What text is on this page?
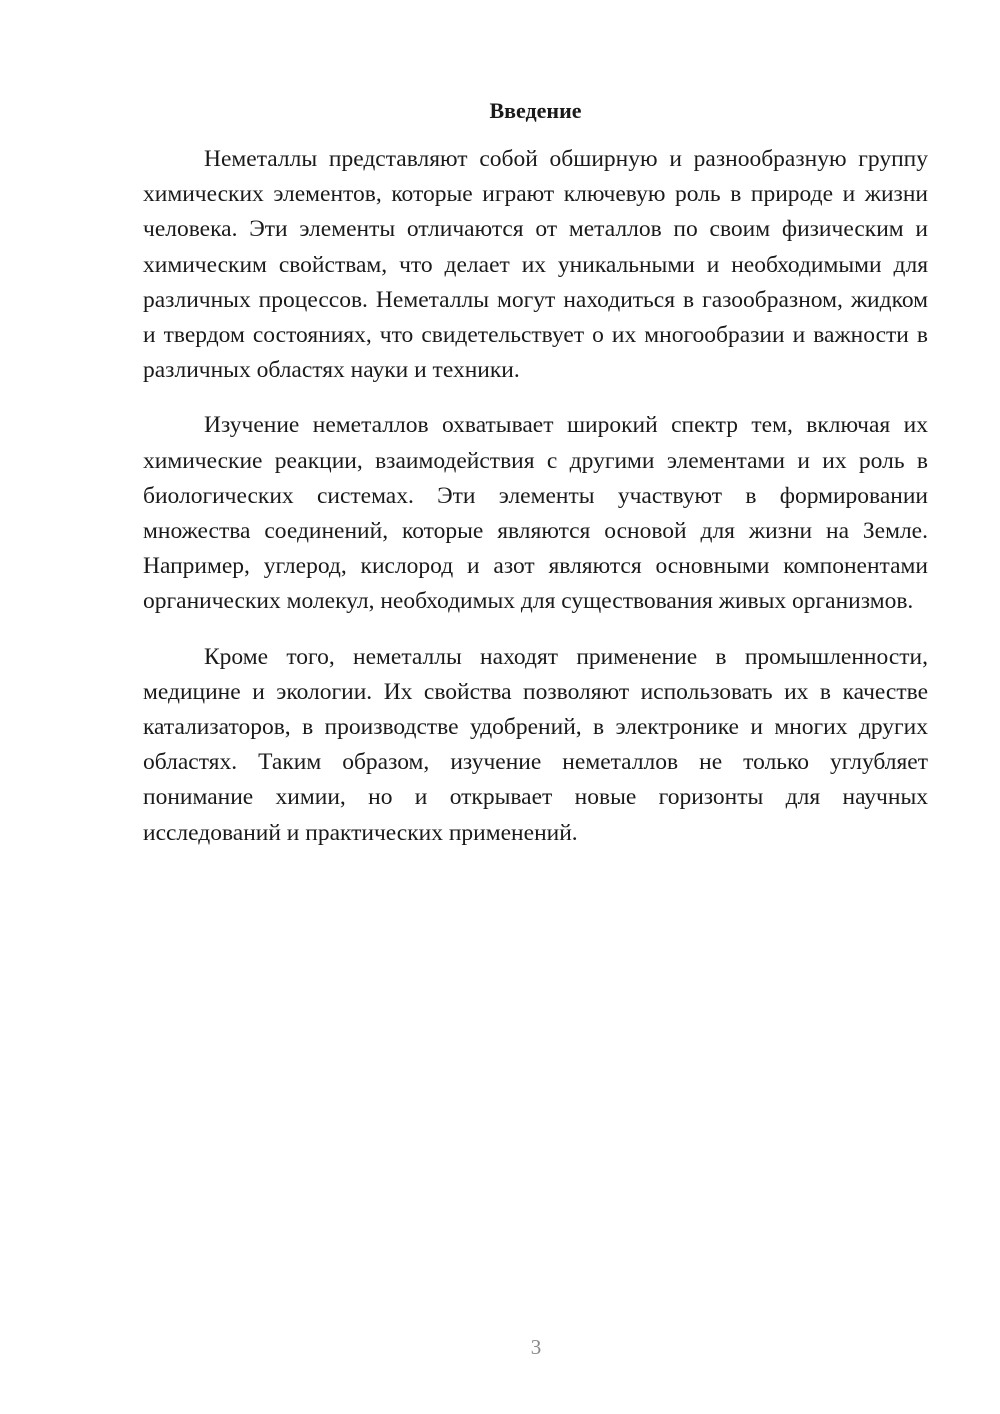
Введение

Неметаллы представляют собой обширную и разнообразную группу химических элементов, которые играют ключевую роль в природе и жизни человека. Эти элементы отличаются от металлов по своим физическим и химическим свойствам, что делает их уникальными и необходимыми для различных процессов. Неметаллы могут находиться в газообразном, жидком и твердом состояниях, что свидетельствует о их многообразии и важности в различных областях науки и техники.

Изучение неметаллов охватывает широкий спектр тем, включая их химические реакции, взаимодействия с другими элементами и их роль в биологических системах. Эти элементы участвуют в формировании множества соединений, которые являются основой для жизни на Земле. Например, углерод, кислород и азот являются основными компонентами органических молекул, необходимых для существования живых организмов.

Кроме того, неметаллы находят применение в промышленности, медицине и экологии. Их свойства позволяют использовать их в качестве катализаторов, в производстве удобрений, в электронике и многих других областях. Таким образом, изучение неметаллов не только углубляет понимание химии, но и открывает новые горизонты для научных исследований и практических применений.

3
